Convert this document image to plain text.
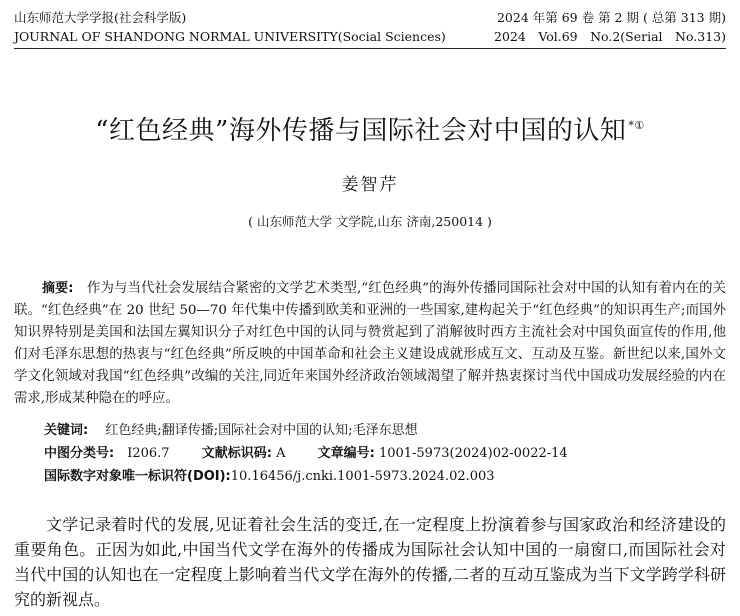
山东师范大学学报(社会科学版)	2024 年第 69 卷 第 2 期 ( 总第 313 期)
JOURNAL OF SHANDONG NORMAL UNIVERSITY(Social Sciences)	2024　Vol.69　No.2(Serial　No.313)
“红色经典”海外传播与国际社会对中国的认知 *①
姜智芹
( 山东师范大学 文学院,山东 济南,250014 )

摘要:　 作为与当代社会发展结合紧密的文学艺术类型,“红色经典”的海外传播同国际社会对中国的认知有着内在的关联。“红色经典”在 20 世纪 50—70 年代集中传播到欧美和亚洲的一些国家,建构起关于“红色经典”的知识再生产;而国外知识界特别是美国和法国左翼知识分子对红色中国的认同与赞赏起到了消解彼时西方主流社会对中国负面宣传的作用,他们对毛泽东思想的热衷与“红色经典”所反映的中国革命和社会主义建设成就形成互文、互动及互鉴。新世纪以来,国外文学文化领域对我国“红色经典”改编的关注,同近年来国外经济政治领域渴望了解并热衷探讨当代中国成功发展经验的内在需求,形成某种隐在的呼应。

关键词:　 红色经典;翻译传播;国际社会对中国的认知;毛泽东思想
中图分类号:　 I206.7 文献标识码: A 文章编号: 1001-5973(2024)02-0022-14
国际数字对象唯一标识符(DOI):10.16456/j.cnki.1001-5973.2024.02.003

文学记录着时代的发展,见证着社会生活的变迁,在一定程度上扮演着参与国家政治和经济建设的重要角色。正因为如此,中国当代文学在海外的传播成为国际社会认知中国的一扇窗口,而国际社会对当代中国的认知也在一定程度上影响着当代文学在海外的传播,二者的互动互鉴成为当下文学跨学科研究的新视点。
